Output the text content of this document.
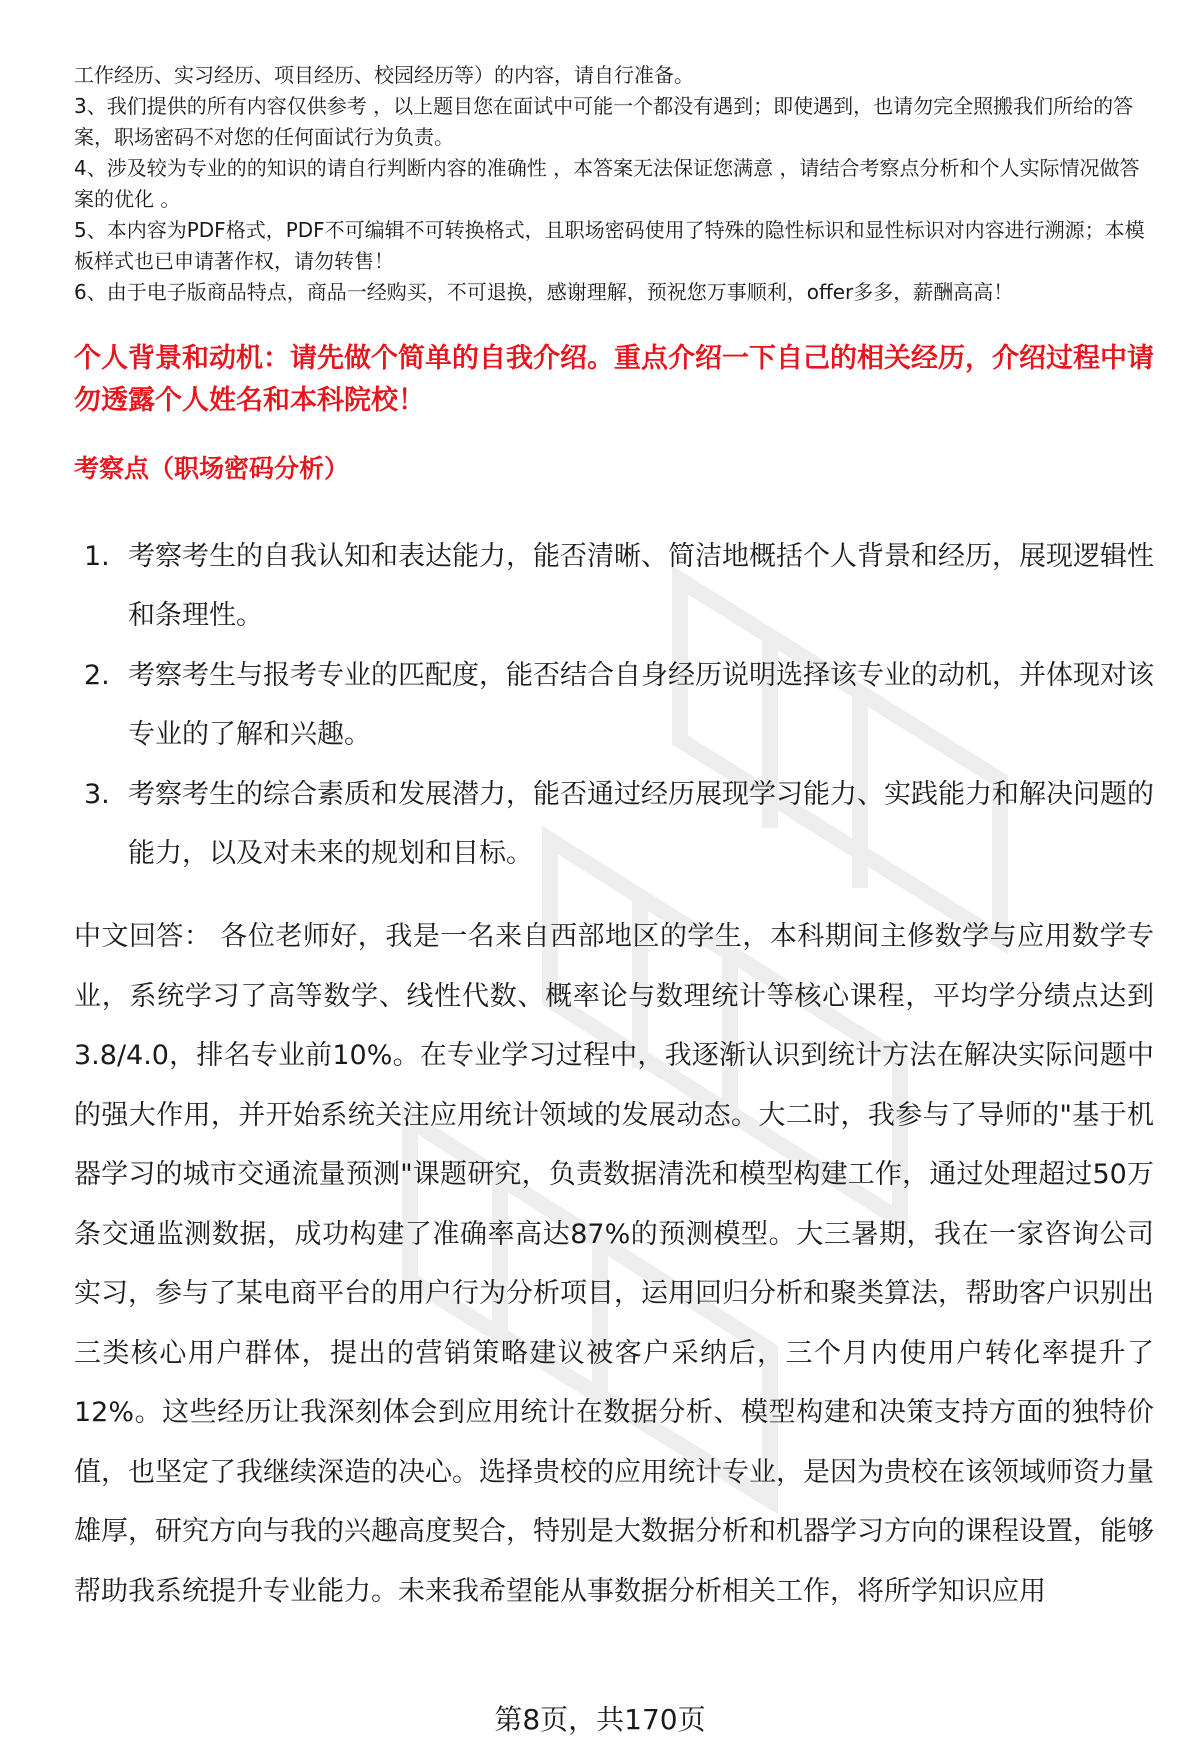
工作经历、实习经历、项目经历、校园经历等）的内容，请自行准备。

3、我们提供的所有内容仅供参考 ，以上题目您在面试中可能一个都没有遇到；即使遇到，也请勿完全照搬我们所给的答案，职场密码不对您的任何面试行为负责。

4、涉及较为专业的的知识的请自行判断内容的准确性 ，本答案无法保证您满意 ，请结合考察点分析和个人实际情况做答案的优化 。

5、本内容为PDF格式，PDF不可编辑不可转换格式，且职场密码使用了特殊的隐性标识和显性标识对内容进行溯源；本模板样式也已申请著作权，请勿转售！

6、由于电子版商品特点，商品一经购买，不可退换，感谢理解，预祝您万事顺利，offer多多，薪酬高高！

个人背景和动机：请先做个简单的自我介绍。重点介绍一下自己的相关经历，介绍过程中请勿透露个人姓名和本科院校！
考察点（职场密码分析）
1. 考察考生的自我认知和表达能力，能否清晰、简洁地概括个人背景和经历，展现逻辑性和条理性。
2. 考察考生与报考专业的匹配度，能否结合自身经历说明选择该专业的动机，并体现对该专业的了解和兴趣。
3. 考察考生的综合素质和发展潜力，能否通过经历展现学习能力、实践能力和解决问题的能力，以及对未来的规划和目标。
中文回答： 各位老师好，我是一名来自西部地区的学生，本科期间主修数学与应用数学专业，系统学习了高等数学、线性代数、概率论与数理统计等核心课程，平均学分绩点达到3.8/4.0，排名专业前10%。在专业学习过程中，我逐渐认识到统计方法在解决实际问题中的强大作用，并开始系统关注应用统计领域的发展动态。大二时，我参与了导师的"基于机器学习的城市交通流量预测"课题研究，负责数据清洗和模型构建工作，通过处理超过50万条交通监测数据，成功构建了准确率高达87%的预测模型。大三暑期，我在一家咨询公司实习，参与了某电商平台的用户行为分析项目，运用回归分析和聚类算法，帮助客户识别出三类核心用户群体，提出的营销策略建议被客户采纳后，三个月内使用户转化率提升了12%。这些经历让我深刻体会到应用统计在数据分析、模型构建和决策支持方面的独特价值，也坚定了我继续深造的决心。选择贵校的应用统计专业，是因为贵校在该领域师资力量雄厚，研究方向与我的兴趣高度契合，特别是大数据分析和机器学习方向的课程设置，能够帮助我系统提升专业能力。未来我希望能从事数据分析相关工作，将所学知识应用
第8页，共170页
